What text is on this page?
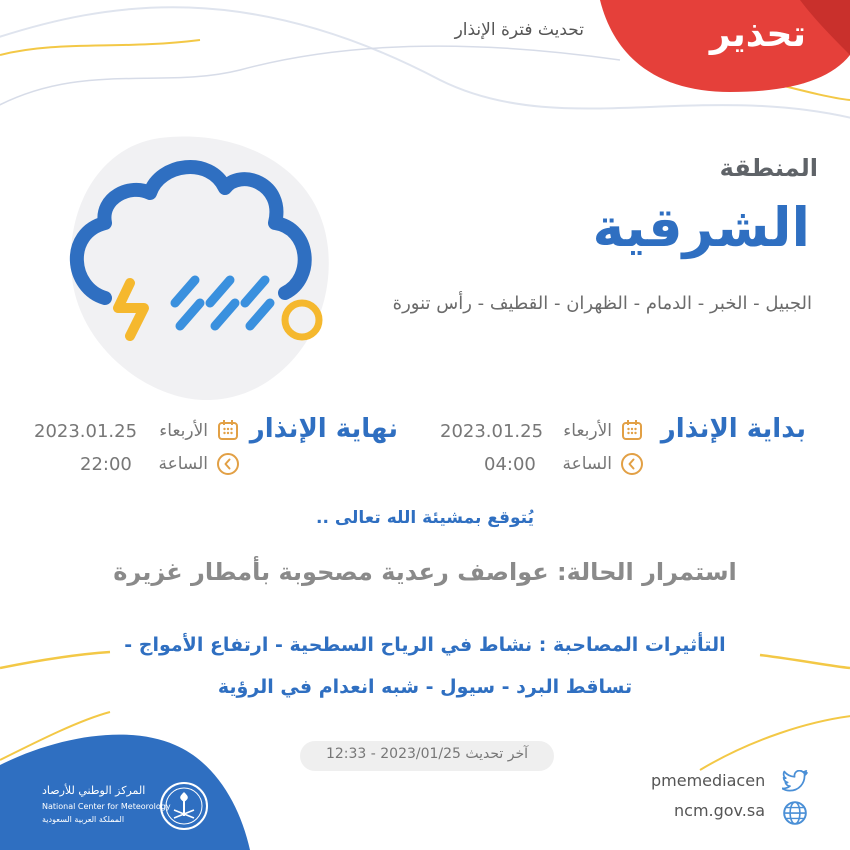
تحذير
تحديث فترة الإنذار
المنطقة
الشرقية
الجبيل - الخبر - الدمام - الظهران - القطيف - رأس تنورة
بداية الإنذار
الأربعاء
2023.01.25
الساعة
04:00
نهاية الإنذار
الأربعاء
2023.01.25
الساعة
22:00
يُتوقع بمشيئة الله تعالى ..
استمرار الحالة: عواصف رعدية مصحوبة بأمطار غزيرة
التأثيرات المصاحبة : نشاط في الرياح السطحية - ارتفاع الأمواج -
تساقط البرد - سيول - شبه انعدام في الرؤية
آخر تحديث 2023/01/25 - 12:33
pmemediacen
ncm.gov.sa
المركز الوطني للأرصاد
National Center for Meteorology
المملكة العربية السعودية
